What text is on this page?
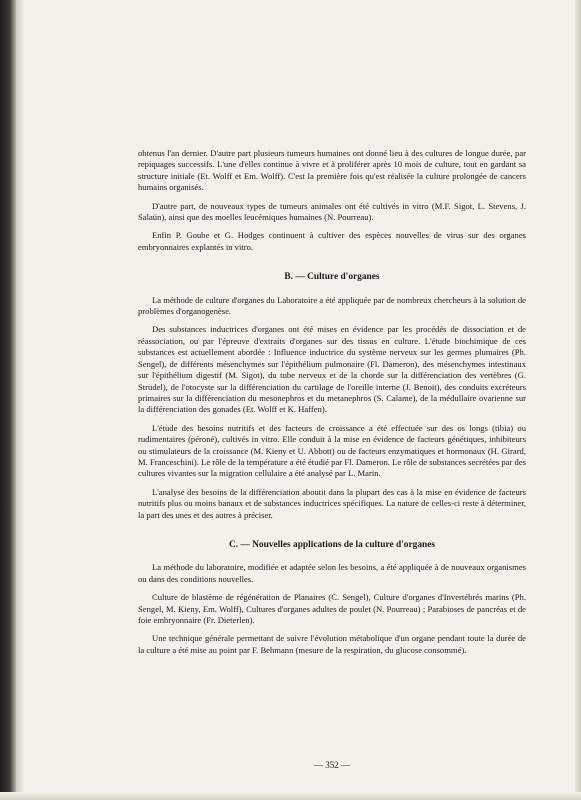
obtenus l'an dernier. D'autre part plusieurs tumeurs humaines ont donné lieu à des cultures de longue durée, par repiquages successifs. L'une d'elles continue à vivre et à proliférer après 10 mois de culture, tout en gardant sa structure initiale (Et. Wolff et Em. Wolff). C'est la première fois qu'est réalisée la culture prolongée de cancers humains organisés.

D'autre part, de nouveaux types de tumeurs animales ont été cultivés in vitro (M.F. Sigot, L. Stevens, J. Salaün), ainsi que des moelles leucémiques humaines (N. Pourreau).

Enfin P. Goube et G. Hodges continuent à cultiver des espèces nouvelles de virus sur des organes embryonnaires explantés in vitro.

B. — Culture d'organes

La méthode de culture d'organes du Laboratoire a été appliquée par de nombreux chercheurs à la solution de problèmes d'organogenèse.

Des substances inductrices d'organes ont été mises en évidence par les procédés de dissociation et de réassociation, ou par l'épreuve d'extraits d'organes sur des tissus en culture. L'étude biochimique de ces substances est actuellement abordée : Influence inductrice du système nerveux sur les germes plumaires (Ph. Sengel), de différents mésenchymes sur l'épithélium pulmonaire (Fl. Dameron), des mésenchymes intestinaux sur l'épithélium digestif (M. Sigot), du tube nerveux et de la chorde sur la différenciation des vertèbres (G. Strudel), de l'otocyste sur la différenciation du cartilage de l'oreille interne (J. Benoit), des conduits excréteurs primaires sur la différenciation du mesonephros et du metanephros (S. Calame), de la médullaire ovarienne sur la différenciation des gonades (Et. Wolff et K. Haffen).

L'étude des besoins nutritifs et des facteurs de croissance a été effectuée sur des os longs (tibia) ou rudimentaires (péroné), cultivés in vitro. Elle conduit à la mise en évidence de facteurs génétiques, inhibiteurs ou stimulateurs de la croissance (M. Kieny et U. Abbott) ou de facteurs enzymatiques et hormonaux (H. Girard, M. Franceschini). Le rôle de la température a été étudié par Fl. Dameron. Le rôle de substances secrétées par des cultures vivantes sur la migration cellulaire a été analysé par L. Marin.

L'analyse des besoins de la différenciation aboutit dans la plupart des cas à la mise en évidence de facteurs nutritifs plus ou moins banaux et de substances inductrices spécifiques. La nature de celles-ci reste à déterminer, la part des unes et des autres à préciser.

C. — Nouvelles applications de la culture d'organes

La méthode du laboratoire, modifiée et adaptée selon les besoins, a été appliquée à de nouveaux organismes ou dans des conditions nouvelles.

Culture de blastème de régénération de Planaires (C. Sengel), Culture d'organes d'Invertébrés marins (Ph. Sengel, M. Kieny, Em. Wolff), Cultures d'organes adultes de poulet (N. Pourreau) ; Parabioses de pancréas et de foie embryonnaire (Fr. Dieterlen).

Une technique générale permettant de suivre l'évolution métabolique d'un organe pendant toute la durée de la culture a été mise au point par F. Behmann (mesure de la respiration, du glucose consommé).

— 352 —
